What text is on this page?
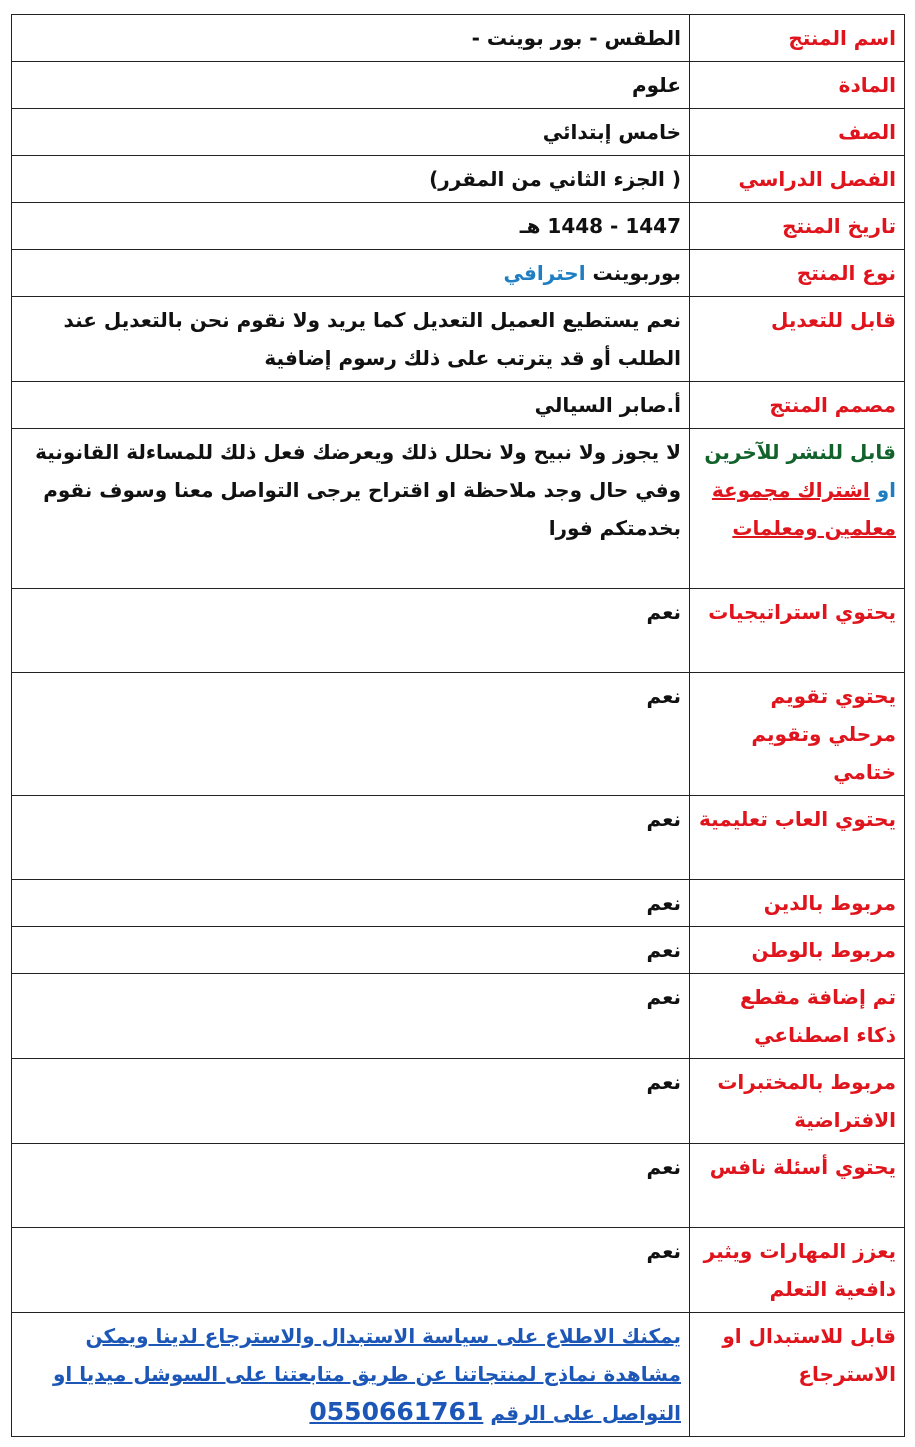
اسم المنتج	الطقس - بور بوينت -
المادة	علوم
الصف	خامس إبتدائي
الفصل الدراسي	( الجزء الثاني من المقرر)
تاريخ المنتج	1447 - 1448 هـ
نوع المنتج	بوربوينت احترافي
قابل للتعديل	نعم يستطيع العميل التعديل كما يريد ولا نقوم نحن بالتعديل عند الطلب أو قد يترتب على ذلك رسوم إضافية
مصمم المنتج	أ.صابر السيالي
قابل للنشر للآخرين او اشتراك مجموعة معلمين ومعلمات	لا يجوز ولا نبيح ولا نحلل ذلك ويعرضك فعل ذلك للمساءلة القانونية وفي حال وجد ملاحظة او اقتراح يرجى التواصل معنا وسوف نقوم بخدمتكم فورا
يحتوي استراتيجيات	نعم
يحتوي تقويم مرحلي وتقويم ختامي	نعم
يحتوي العاب تعليمية	نعم
مربوط بالدين	نعم
مربوط بالوطن	نعم
تم إضافة مقطع ذكاء اصطناعي	نعم
مربوط بالمختبرات الافتراضية	نعم
يحتوي أسئلة نافس	نعم
يعزز المهارات ويثير دافعية التعلم	نعم
قابل للاستبدال او الاسترجاع	يمكنك الاطلاع على سياسة الاستبدال والاسترجاع لدينا ويمكن مشاهدة نماذج لمنتجاتنا عن طريق متابعتنا على السوشل ميديا او التواصل على الرقم 0550661761
